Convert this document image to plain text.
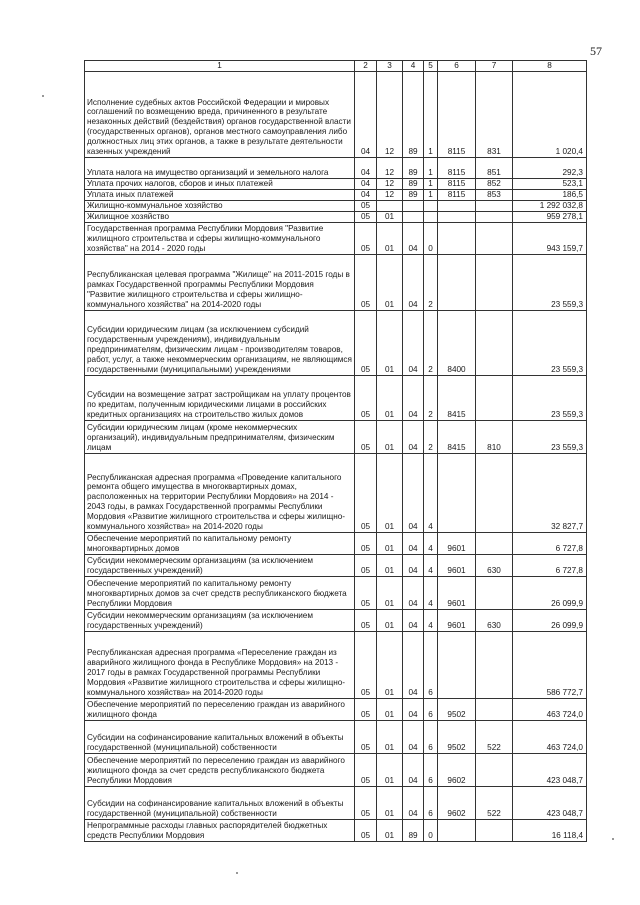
57
1	2	3	4	5	6	7	8
Исполнение судебных актов Российской Федерации и мировых соглашений по возмещению вреда, причиненного в результате незаконных действий (бездействия) органов государственной власти (государственных органов), органов местного самоуправления либо должностных лиц этих органов, а также в результате деятельности казенных учреждений	04	12	89	1	8115	831	1 020,4
Уплата налога на имущество организаций и земельного налога	04	12	89	1	8115	851	292,3
Уплата прочих налогов, сборов и иных платежей	04	12	89	1	8115	852	523,1
Уплата иных платежей	04	12	89	1	8115	853	186,5
Жилищно-коммунальное хозяйство	05						1 292 032,8
Жилищное хозяйство	05	01					959 278,1
Государственная программа Республики Мордовия "Развитие жилищного строительства и сферы жилищно-коммунального хозяйства" на 2014 - 2020 годы	05	01	04	0			943 159,7
Республиканская целевая программа "Жилище" на 2011-2015 годы в рамках Государственной программы Республики Мордовия "Развитие жилищного строительства и сферы жилищно-коммунального хозяйства" на 2014-2020 годы	05	01	04	2			23 559,3
Субсидии юридическим лицам (за исключением субсидий государственным учреждениям), индивидуальным предпринимателям, физическим лицам - производителям товаров, работ, услуг, а также некоммерческим организациям, не являющимся государственными (муниципальными) учреждениями	05	01	04	2	8400		23 559,3
Субсидии на возмещение затрат застройщикам на уплату процентов по кредитам, полученным юридическими лицами в российских кредитных организациях на строительство жилых домов	05	01	04	2	8415		23 559,3
Субсидии юридическим лицам (кроме некоммерческих организаций), индивидуальным предпринимателям, физическим лицам	05	01	04	2	8415	810	23 559,3
Республиканская адресная программа «Проведение капитального ремонта общего имущества в многоквартирных домах, расположенных на территории Республики Мордовия» на 2014 - 2043 годы, в рамках Государственной программы Республики Мордовия «Развитие жилищного строительства и сферы жилищно-коммунального хозяйства» на 2014-2020 годы	05	01	04	4			32 827,7
Обеспечение мероприятий по капитальному ремонту многоквартирных домов	05	01	04	4	9601		6 727,8
Субсидии некоммерческим организациям (за исключением государственных учреждений)	05	01	04	4	9601	630	6 727,8
Обеспечение мероприятий по капитальному ремонту многоквартирных домов за счет средств республиканского бюджета Республики Мордовия	05	01	04	4	9601		26 099,9
Субсидии некоммерческим организациям (за исключением государственных учреждений)	05	01	04	4	9601	630	26 099,9
Республиканская адресная программа «Переселение граждан из аварийного жилищного фонда в Республике Мордовия» на 2013 - 2017 годы в рамках Государственной программы Республики Мордовия «Развитие жилищного строительства и сферы жилищно-коммунального хозяйства» на 2014-2020 годы	05	01	04	6			586 772,7
Обеспечение мероприятий по переселению граждан из аварийного жилищного фонда	05	01	04	6	9502		463 724,0
Субсидии на софинансирование капитальных вложений в объекты государственной (муниципальной) собственности	05	01	04	6	9502	522	463 724,0
Обеспечение мероприятий по переселению граждан из аварийного жилищного фонда за счет средств республиканского бюджета Республики Мордовия	05	01	04	6	9602		423 048,7
Субсидии на софинансирование капитальных вложений в объекты государственной (муниципальной) собственности	05	01	04	6	9602	522	423 048,7
Непрограммные расходы главных распорядителей бюджетных средств Республики Мордовия	05	01	89	0			16 118,4
